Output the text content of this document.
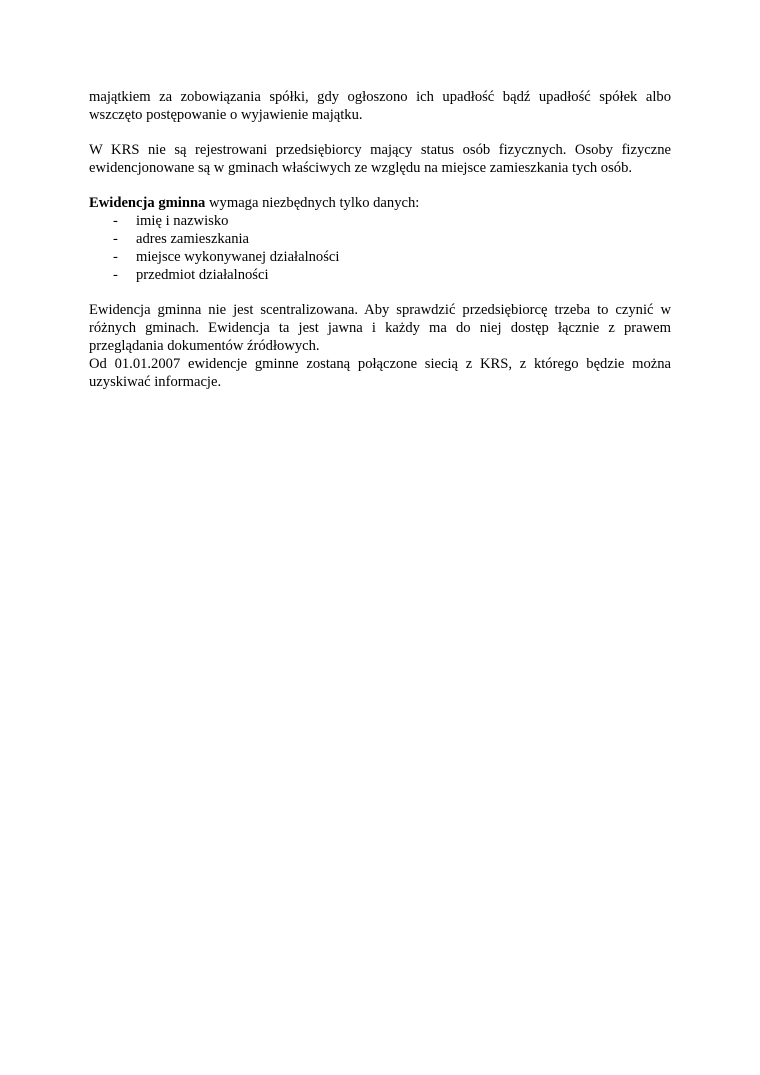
majątkiem za zobowiązania spółki, gdy ogłoszono ich upadłość bądź upadłość spółek albo wszczęto postępowanie o wyjawienie majątku.

W KRS nie są rejestrowani przedsiębiorcy mający status osób fizycznych. Osoby fizyczne ewidencjonowane są w gminach właściwych ze względu na miejsce zamieszkania tych osób.

Ewidencja gminna wymaga niezbędnych tylko danych:

- imię i nazwisko
- adres zamieszkania
- miejsce wykonywanej działalności
- przedmiot działalności

Ewidencja gminna nie jest scentralizowana. Aby sprawdzić przedsiębiorcę trzeba to czynić w różnych gminach. Ewidencja ta jest jawna i każdy ma do niej dostęp łącznie z prawem przeglądania dokumentów źródłowych.

Od 01.01.2007 ewidencje gminne zostaną połączone siecią z KRS, z którego będzie można uzyskiwać informacje.
